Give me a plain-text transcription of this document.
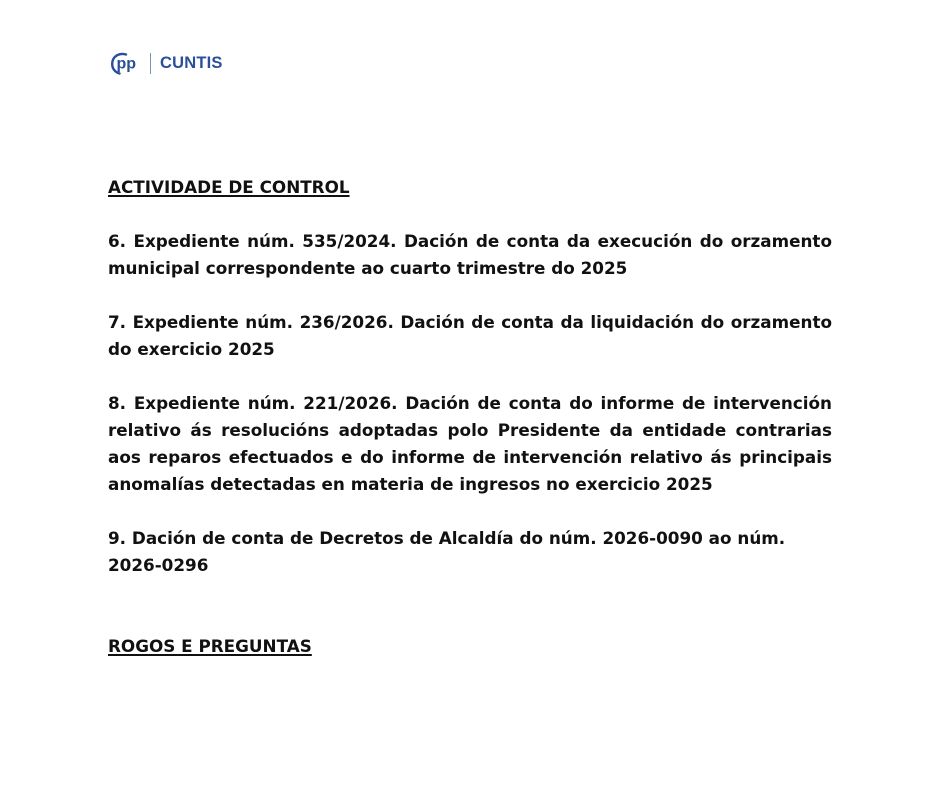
pp CUNTIS

ACTIVIDADE DE CONTROL

6. Expediente núm. 535/2024. Dación de conta da execución do orzamento municipal correspondente ao cuarto trimestre do 2025

7. Expediente núm. 236/2026. Dación de conta da liquidación do orzamento do exercicio 2025

8. Expediente núm. 221/2026. Dación de conta do informe de intervención relativo ás resolucións adoptadas polo Presidente da entidade contrarias aos reparos efectuados e do informe de intervención relativo ás principais anomalías detectadas en materia de ingresos no exercicio 2025

9. Dación de conta de Decretos de Alcaldía do núm. 2026-0090 ao núm. 2026-0296

ROGOS E PREGUNTAS
